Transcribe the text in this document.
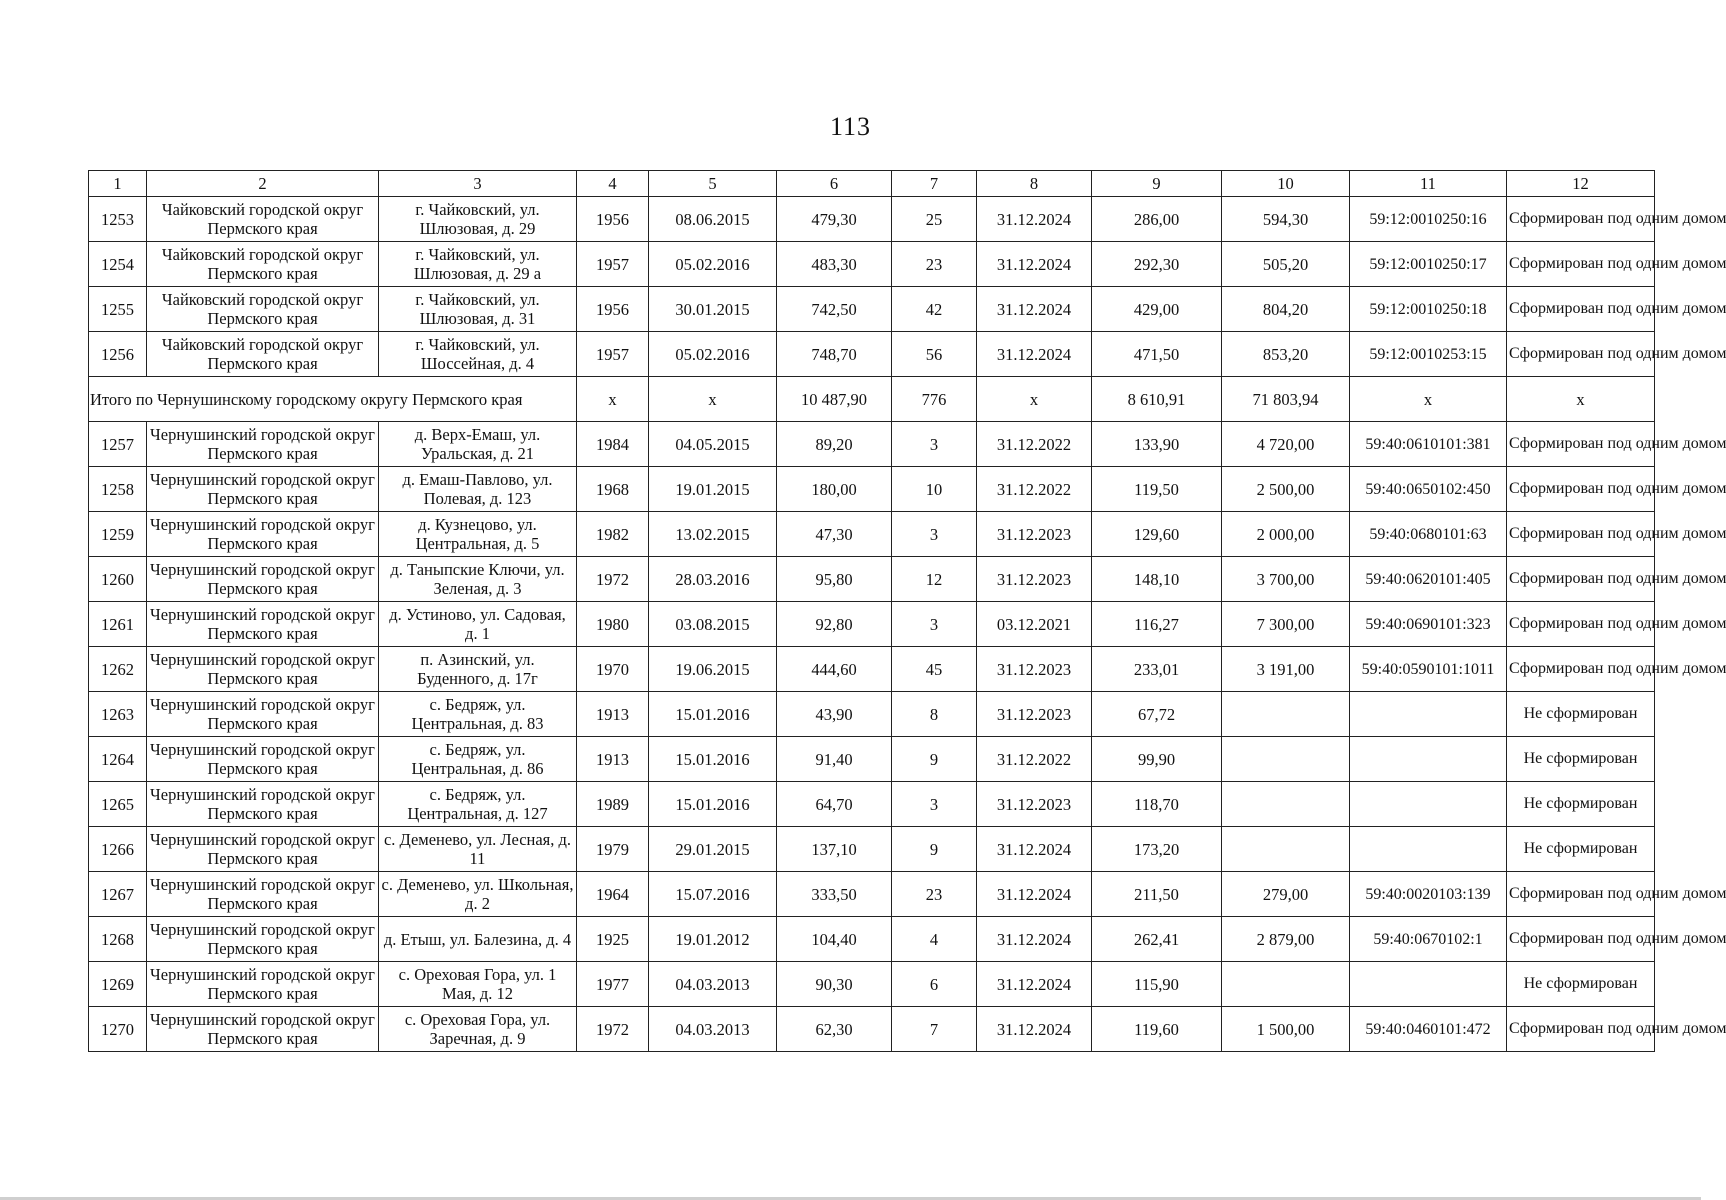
113
1	2	3	4	5	6	7	8	9	10	11	12
1253	Чайковский городской округ Пермского края	г. Чайковский, ул. Шлюзовая, д. 29	1956	08.06.2015	479,30	25	31.12.2024	286,00	594,30	59:12:0010250:16	Сформирован под одним домом
1254	Чайковский городской округ Пермского края	г. Чайковский, ул. Шлюзовая, д. 29 а	1957	05.02.2016	483,30	23	31.12.2024	292,30	505,20	59:12:0010250:17	Сформирован под одним домом
1255	Чайковский городской округ Пермского края	г. Чайковский, ул. Шлюзовая, д. 31	1956	30.01.2015	742,50	42	31.12.2024	429,00	804,20	59:12:0010250:18	Сформирован под одним домом
1256	Чайковский городской округ Пермского края	г. Чайковский, ул. Шоссейная, д. 4	1957	05.02.2016	748,70	56	31.12.2024	471,50	853,20	59:12:0010253:15	Сформирован под одним домом
Итого по Чернушинскому городскому округу Пермского края			х	х	10 487,90	776	х	8 610,91	71 803,94	х	х
1257	Чернушинский городской округ Пермского края	д. Верх-Емаш, ул. Уральская, д. 21	1984	04.05.2015	89,20	3	31.12.2022	133,90	4 720,00	59:40:0610101:381	Сформирован под одним домом
1258	Чернушинский городской округ Пермского края	д. Емаш-Павлово, ул. Полевая, д. 123	1968	19.01.2015	180,00	10	31.12.2022	119,50	2 500,00	59:40:0650102:450	Сформирован под одним домом
1259	Чернушинский городской округ Пермского края	д. Кузнецово, ул. Центральная, д. 5	1982	13.02.2015	47,30	3	31.12.2023	129,60	2 000,00	59:40:0680101:63	Сформирован под одним домом
1260	Чернушинский городской округ Пермского края	д. Таныпские Ключи, ул. Зеленая, д. 3	1972	28.03.2016	95,80	12	31.12.2023	148,10	3 700,00	59:40:0620101:405	Сформирован под одним домом
1261	Чернушинский городской округ Пермского края	д. Устиново, ул. Садовая, д. 1	1980	03.08.2015	92,80	3	03.12.2021	116,27	7 300,00	59:40:0690101:323	Сформирован под одним домом
1262	Чернушинский городской округ Пермского края	п. Азинский, ул. Буденного, д. 17г	1970	19.06.2015	444,60	45	31.12.2023	233,01	3 191,00	59:40:0590101:1011	Сформирован под одним домом
1263	Чернушинский городской округ Пермского края	с. Бедряж, ул. Центральная, д. 83	1913	15.01.2016	43,90	8	31.12.2023	67,72			Не сформирован
1264	Чернушинский городской округ Пермского края	с. Бедряж, ул. Центральная, д. 86	1913	15.01.2016	91,40	9	31.12.2022	99,90			Не сформирован
1265	Чернушинский городской округ Пермского края	с. Бедряж, ул. Центральная, д. 127	1989	15.01.2016	64,70	3	31.12.2023	118,70			Не сформирован
1266	Чернушинский городской округ Пермского края	с. Деменево, ул. Лесная, д. 11	1979	29.01.2015	137,10	9	31.12.2024	173,20			Не сформирован
1267	Чернушинский городской округ Пермского края	с. Деменево, ул. Школьная, д. 2	1964	15.07.2016	333,50	23	31.12.2024	211,50	279,00	59:40:0020103:139	Сформирован под одним домом
1268	Чернушинский городской округ Пермского края	д. Етыш, ул. Балезина, д. 4	1925	19.01.2012	104,40	4	31.12.2024	262,41	2 879,00	59:40:0670102:1	Сформирован под одним домом
1269	Чернушинский городской округ Пермского края	с. Ореховая Гора, ул. 1 Мая, д. 12	1977	04.03.2013	90,30	6	31.12.2024	115,90			Не сформирован
1270	Чернушинский городской округ Пермского края	с. Ореховая Гора, ул. Заречная, д. 9	1972	04.03.2013	62,30	7	31.12.2024	119,60	1 500,00	59:40:0460101:472	Сформирован под одним домом
